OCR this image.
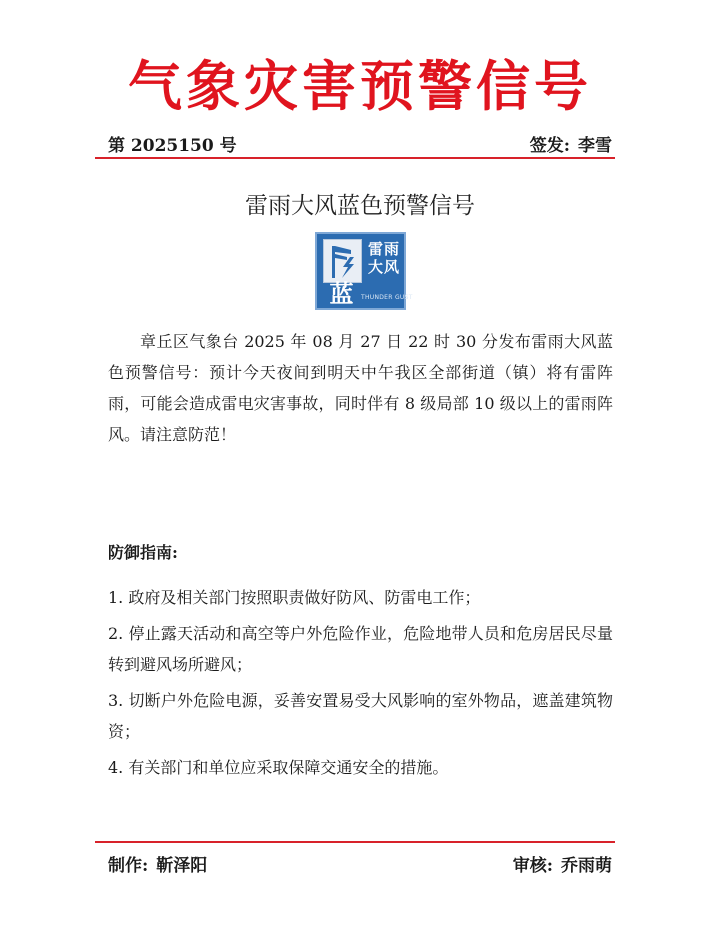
气象灾害预警信号
第 2025150 号	签发: 李雪
雷雨大风蓝色预警信号
雷雨
大风
蓝	THUNDER GUST
章丘区气象台 2025 年 08 月 27 日 22 时 30 分发布雷雨大风蓝色预警信号：预计今天夜间到明天中午我区全部街道（镇）将有雷阵雨，可能会造成雷电灾害事故，同时伴有 8 级局部 10 级以上的雷雨阵风。请注意防范！
防御指南:
1. 政府及相关部门按照职责做好防风、防雷电工作；
2. 停止露天活动和高空等户外危险作业，危险地带人员和危房居民尽量转到避风场所避风；
3. 切断户外危险电源，妥善安置易受大风影响的室外物品，遮盖建筑物资；
4. 有关部门和单位应采取保障交通安全的措施。
制作: 靳泽阳	审核: 乔雨萌
